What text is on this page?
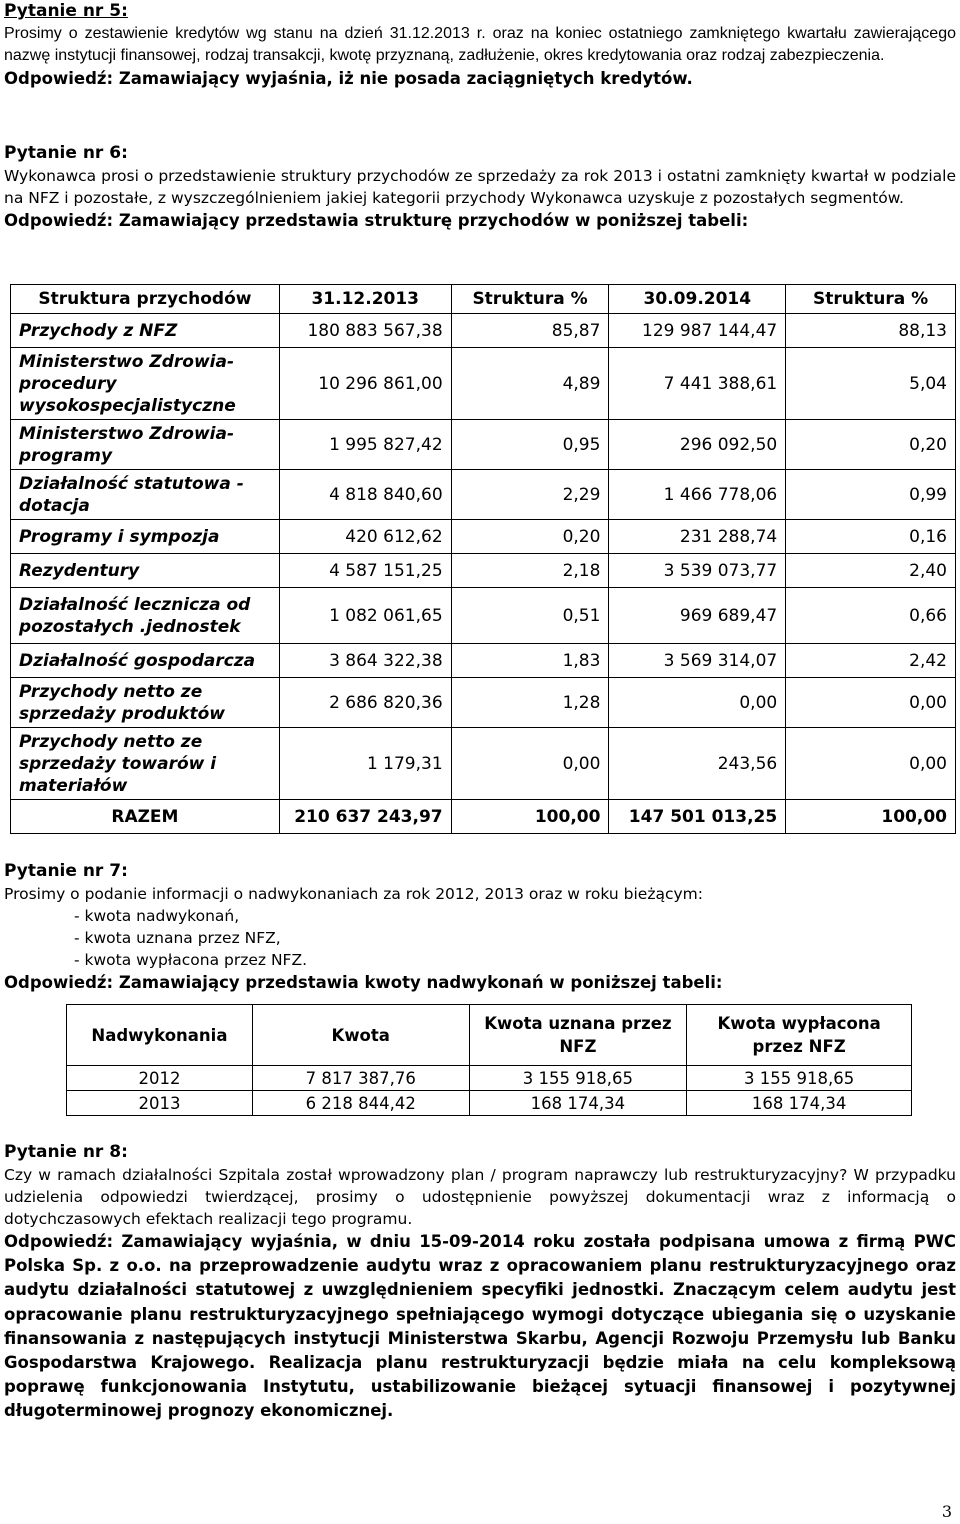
Pytanie nr 5:

Prosimy o zestawienie kredytów wg stanu na dzień 31.12.2013 r. oraz na koniec ostatniego zamkniętego kwartału zawierającego nazwę instytucji finansowej, rodzaj transakcji, kwotę przyznaną, zadłużenie, okres kredytowania oraz rodzaj zabezpieczenia.

Odpowiedź: Zamawiający wyjaśnia, iż nie posada zaciągniętych kredytów.

Pytanie nr 6:

Wykonawca prosi o przedstawienie struktury przychodów ze sprzedaży za rok 2013 i ostatni zamknięty kwartał w podziale na NFZ i pozostałe, z wyszczególnieniem jakiej kategorii przychody Wykonawca uzyskuje z pozostałych segmentów.

Odpowiedź: Zamawiający przedstawia strukturę przychodów w poniższej tabeli:

Struktura przychodów	31.12.2013	Struktura %	30.09.2014	Struktura %
Przychody z NFZ	180 883 567,38	85,87	129 987 144,47	88,13
Ministerstwo Zdrowia- procedury wysokospecjalistyczne	10 296 861,00	4,89	7 441 388,61	5,04
Ministerstwo Zdrowia- programy	1 995 827,42	0,95	296 092,50	0,20
Działalność statutowa - dotacja	4 818 840,60	2,29	1 466 778,06	0,99
Programy i sympozja	420 612,62	0,20	231 288,74	0,16
Rezydentury	4 587 151,25	2,18	3 539 073,77	2,40
Działalność lecznicza od pozostałych .jednostek	1 082 061,65	0,51	969 689,47	0,66
Działalność gospodarcza	3 864 322,38	1,83	3 569 314,07	2,42
Przychody netto ze sprzedaży produktów	2 686 820,36	1,28	0,00	0,00
Przychody netto ze sprzedaży towarów i materiałów	1 179,31	0,00	243,56	0,00
RAZEM	210 637 243,97	100,00	147 501 013,25	100,00

Pytanie nr 7:

Prosimy o podanie informacji o nadwykonaniach za rok 2012, 2013 oraz w roku bieżącym:

- kwota nadwykonań,
- kwota uznana przez NFZ,
- kwota wypłacona przez NFZ.

Odpowiedź: Zamawiający przedstawia kwoty nadwykonań w poniższej tabeli:

Nadwykonania	Kwota	Kwota uznana przez NFZ	Kwota wypłacona przez NFZ
2012	7 817 387,76	3 155 918,65	3 155 918,65
2013	6 218 844,42	168 174,34	168 174,34

Pytanie nr 8:

Czy w ramach działalności Szpitala został wprowadzony plan / program naprawczy lub restrukturyzacyjny? W przypadku udzielenia odpowiedzi twierdzącej, prosimy o udostępnienie powyższej dokumentacji wraz z informacją o dotychczasowych efektach realizacji tego programu.

Odpowiedź: Zamawiający wyjaśnia, w dniu 15-09-2014 roku została podpisana umowa z firmą PWC Polska Sp. z o.o. na przeprowadzenie audytu wraz z opracowaniem planu restrukturyzacyjnego oraz audytu działalności statutowej z uwzględnieniem specyfiki jednostki. Znaczącym celem audytu jest opracowanie planu restrukturyzacyjnego spełniającego wymogi dotyczące ubiegania się o uzyskanie finansowania z następujących instytucji Ministerstwa Skarbu, Agencji Rozwoju Przemysłu lub Banku Gospodarstwa Krajowego. Realizacja planu restrukturyzacji będzie miała na celu kompleksową poprawę funkcjonowania Instytutu, ustabilizowanie bieżącej sytuacji finansowej i pozytywnej długoterminowej prognozy ekonomicznej.

3
